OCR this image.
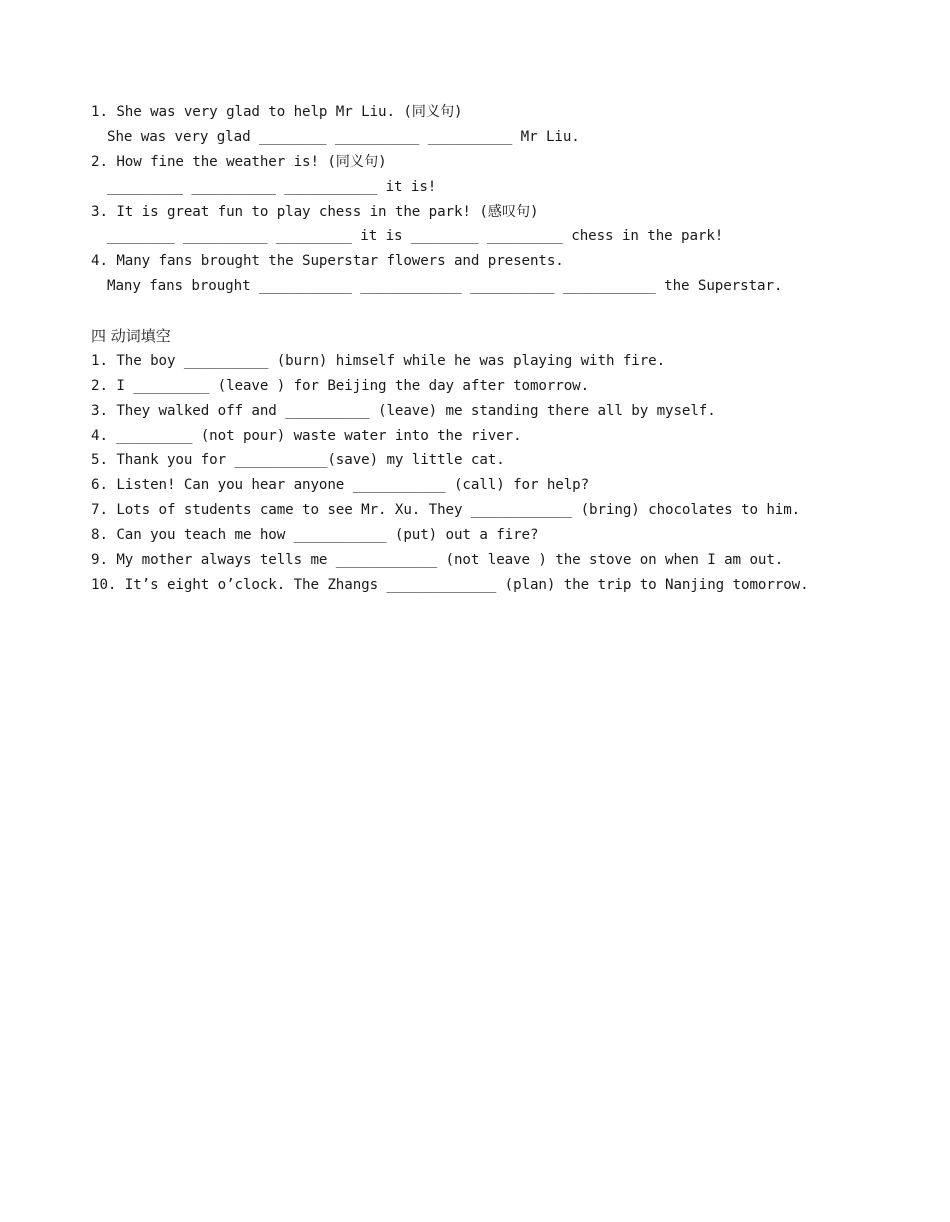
1. She was very glad to help Mr Liu. (同义句)
She was very glad ________ __________ __________ Mr Liu.
2. How fine the weather is! (同义句)
_________ __________ ___________ it is!
3. It is great fun to play chess in the park! (感叹句)
________ __________ _________ it is ________ _________ chess in the park!
4. Many fans brought the Superstar flowers and presents.
Many fans brought ___________ ____________ __________ ___________ the Superstar.
四 动词填空
1. The boy __________ (burn) himself while he was playing with fire.
2. I _________ (leave ) for Beijing the day after tomorrow.
3. They walked off and __________ (leave) me standing there all by myself.
4. _________ (not pour) waste water into the river.
5. Thank you for ___________(save) my little cat.
6. Listen! Can you hear anyone ___________ (call) for help?
7. Lots of students came to see Mr. Xu. They ____________ (bring) chocolates to him.
8. Can you teach me how ___________ (put) out a fire?
9. My mother always tells me ____________ (not leave ) the stove on when I am out.
10. It’s eight o’clock. The Zhangs _____________ (plan) the trip to Nanjing tomorrow.
